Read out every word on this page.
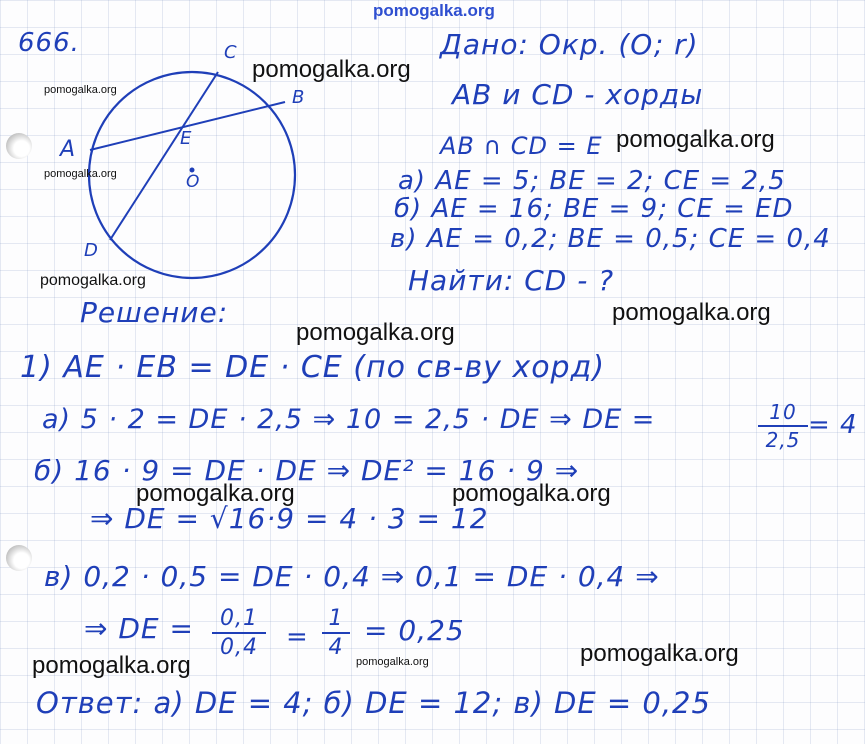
pomogalka.org
666.	C
B
A	E
O
D
Дано: Окр. (O; r)
AB и CD - хорды
AB ∩ CD = E
а) AE = 5; BE = 2; CE = 2,5
б) AE = 16; BE = 9; CE = ED
в) AE = 0,2; BE = 0,5; CE = 0,4
Найти: CD - ?
Решение:
1) AE · EB = DE · CE (по св-ву хорд)
а) 5 · 2 = DE · 2,5 ⇒ 10 = 2,5 · DE ⇒ DE =	10
2,5 = 4
б) 16 · 9 = DE · DE ⇒ DE² = 16 · 9 ⇒
⇒ DE = √16·9 = 4 · 3 = 12
в) 0,2 · 0,5 = DE · 0,4 ⇒ 0,1 = DE · 0,4 ⇒
⇒ DE =	0,1
0,4	=
1
4
= 0,25
Ответ: а) DE = 4; б) DE = 12; в) DE = 0,25
pomogalka.org
pomogalka.org
pomogalka.org
pomogalka.org
pomogalka.org
pomogalka.org
pomogalka.org
pomogalka.org	pomogalka.org
pomogalka.org
pomogalka.org	pomogalka.org
